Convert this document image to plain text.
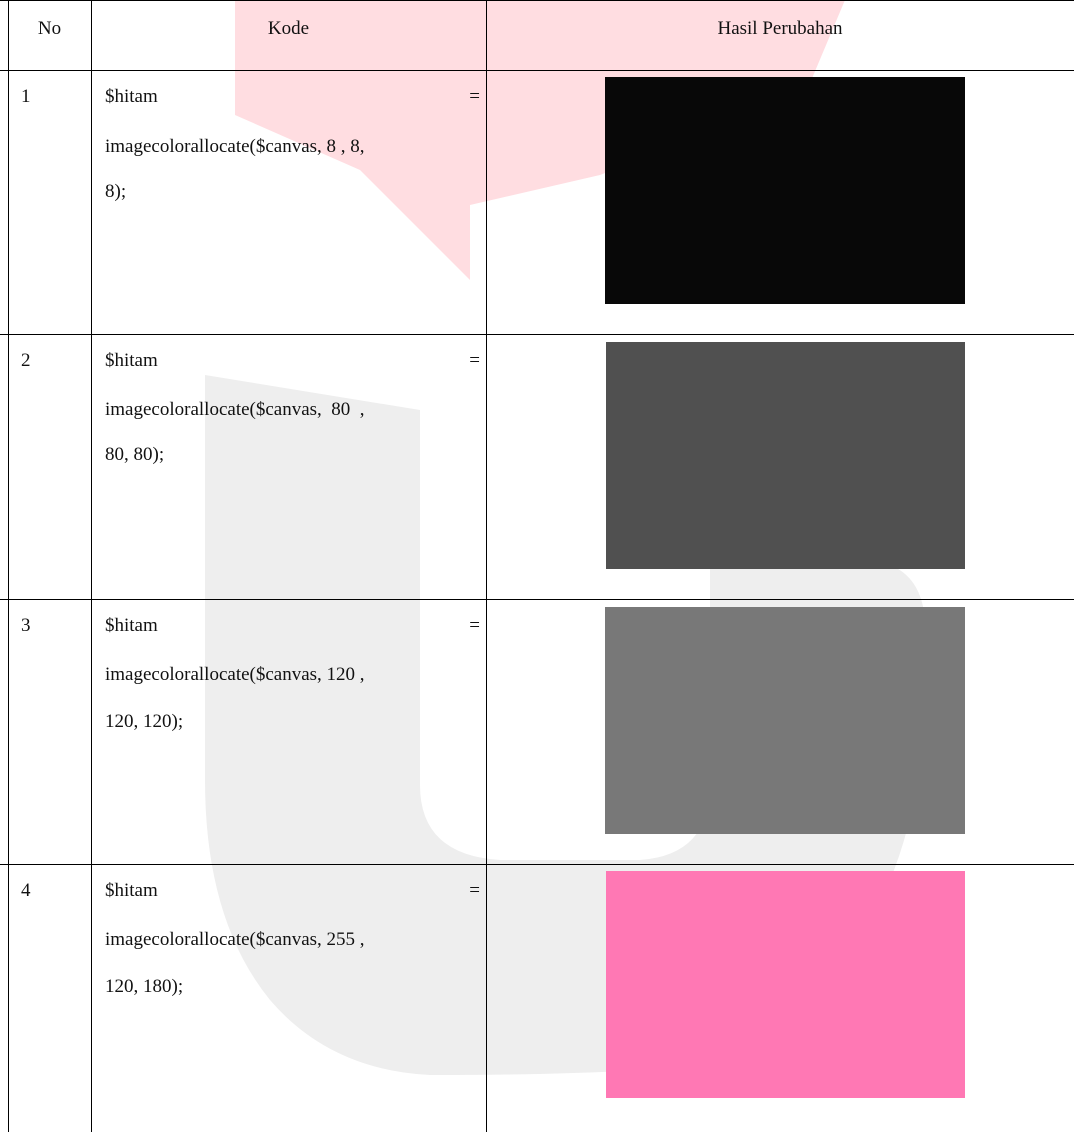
No	Kode	Hasil Perubahan
1	$hitam	=
imagecolorallocate($canvas, 8 , 8,
8);
2	$hitam	=
imagecolorallocate($canvas,  80  ,
80, 80);
3	$hitam	=
imagecolorallocate($canvas, 120 ,
120, 120);
4	$hitam	=
imagecolorallocate($canvas, 255 ,
120, 180);
